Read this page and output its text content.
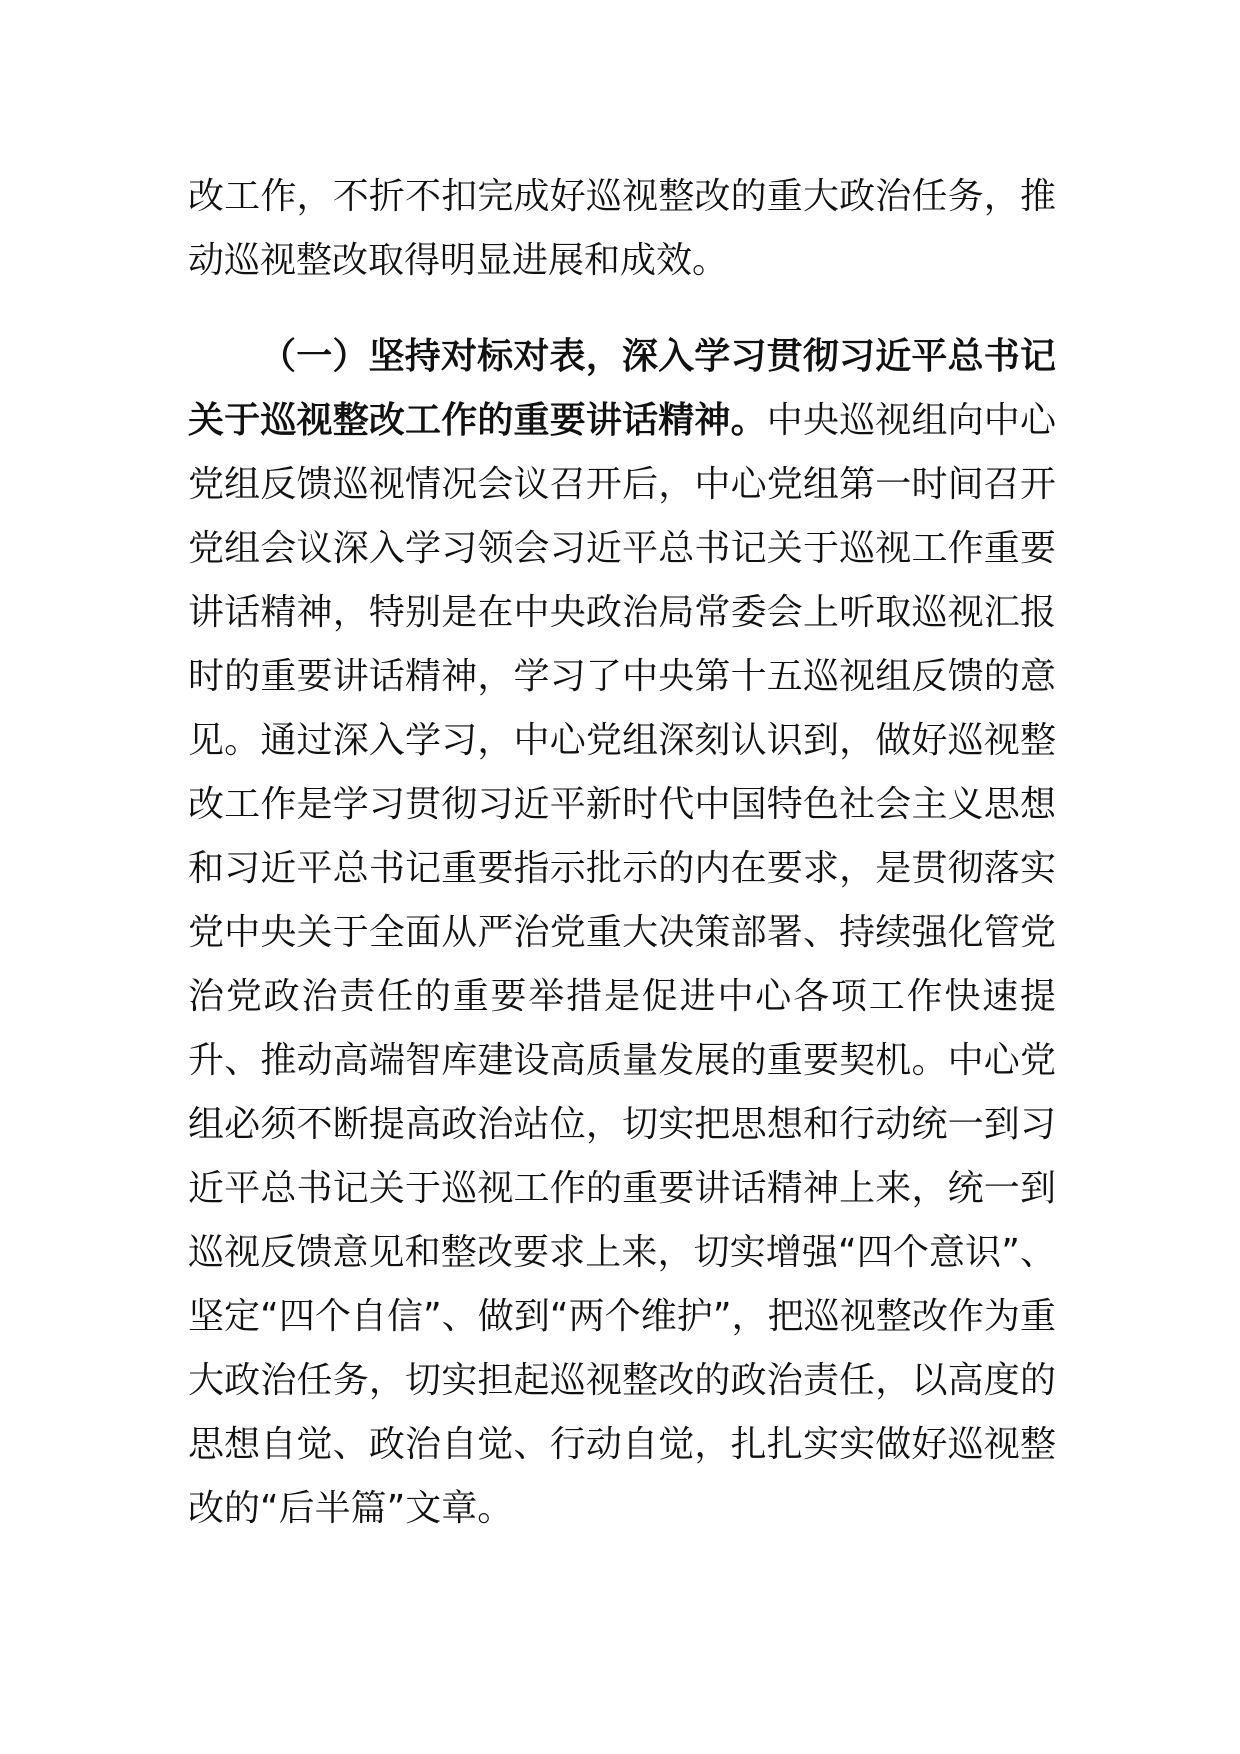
改工作，不折不扣完成好巡视整改的重大政治任务，推动巡视整改取得明显进展和成效。

（一）坚持对标对表，深入学习贯彻习近平总书记关于巡视整改工作的重要讲话精神。中央巡视组向中心党组反馈巡视情况会议召开后，中心党组第一时间召开党组会议深入学习领会习近平总书记关于巡视工作重要讲话精神，特别是在中央政治局常委会上听取巡视汇报时的重要讲话精神，学习了中央第十五巡视组反馈的意见。通过深入学习，中心党组深刻认识到，做好巡视整改工作是学习贯彻习近平新时代中国特色社会主义思想和习近平总书记重要指示批示的内在要求，是贯彻落实党中央关于全面从严治党重大决策部署、持续强化管党治党政治责任的重要举措是促进中心各项工作快速提升、推动高端智库建设高质量发展的重要契机。中心党组必须不断提高政治站位，切实把思想和行动统一到习近平总书记关于巡视工作的重要讲话精神上来，统一到巡视反馈意见和整改要求上来，切实增强“四个意识”、坚定“四个自信”、做到“两个维护”，把巡视整改作为重大政治任务，切实担起巡视整改的政治责任，以高度的思想自觉、政治自觉、行动自觉，扎扎实实做好巡视整改的“后半篇”文章。
